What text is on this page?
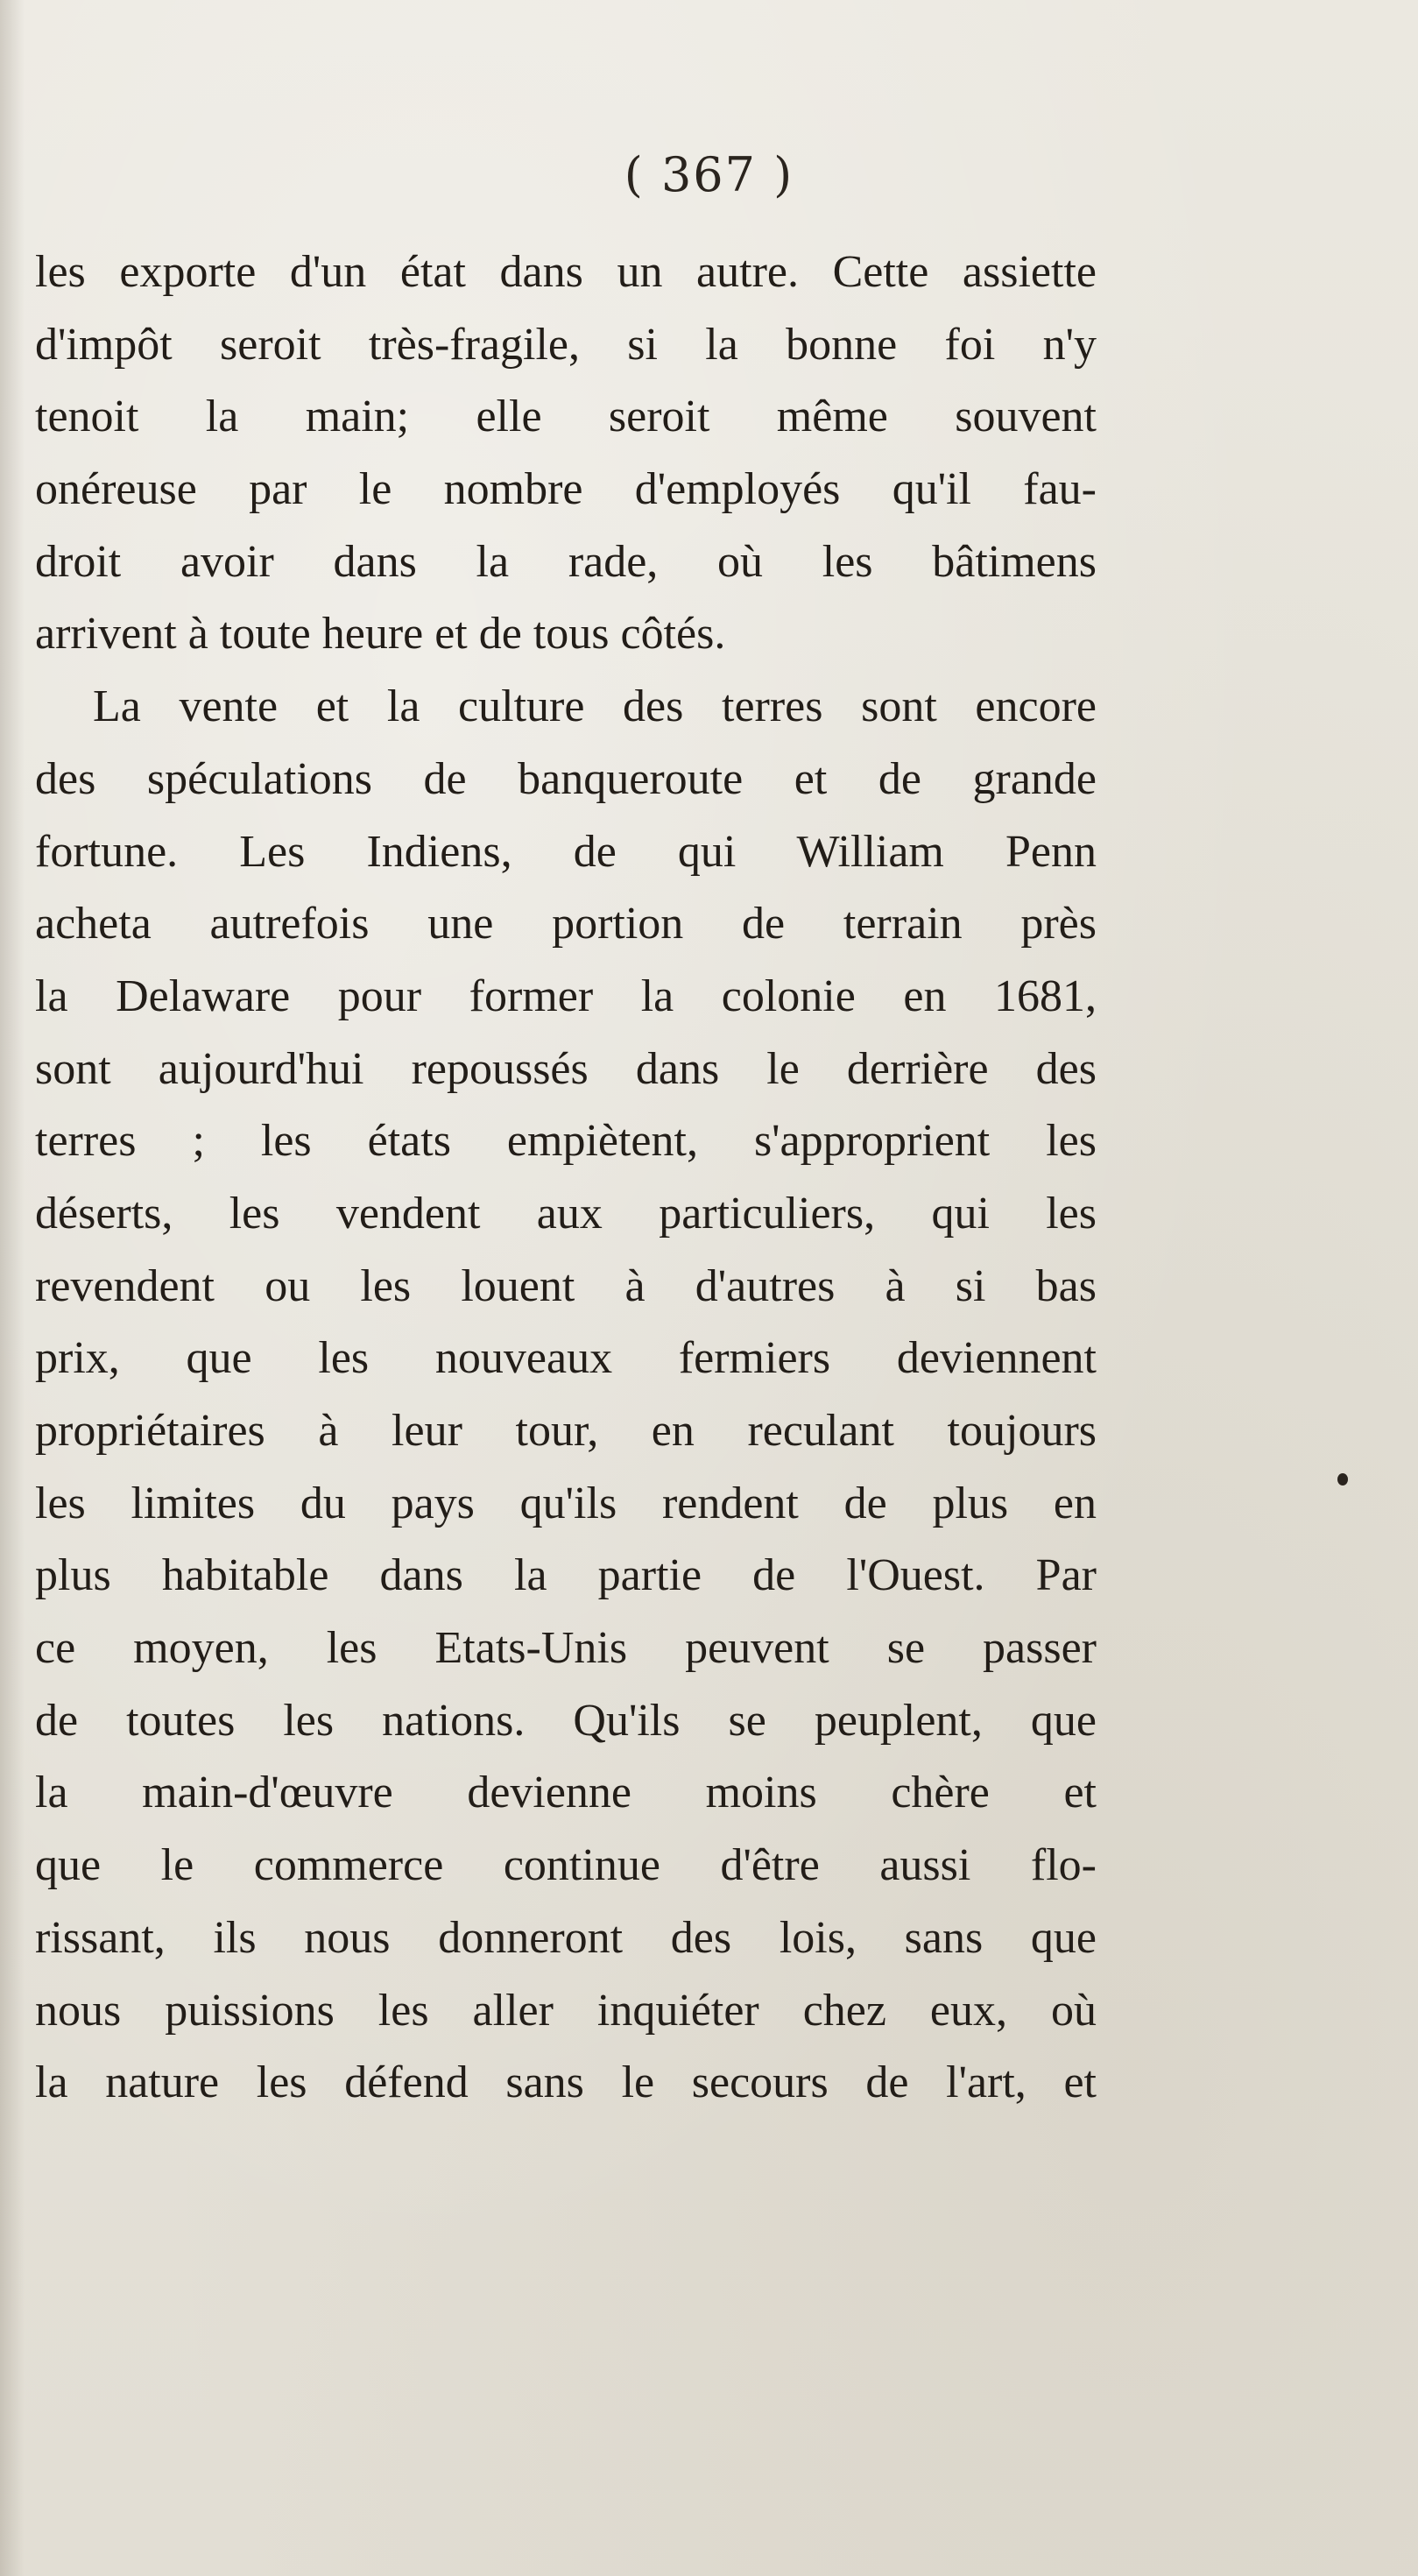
( 367 )
les exporte d'un état dans un autre. Cette assiette
d'impôt seroit très-fragile, si la bonne foi n'y
tenoit la main; elle seroit même souvent
onéreuse par le nombre d'employés qu'il fau-
droit avoir dans la rade, où les bâtimens
arrivent à toute heure et de tous côtés.
La vente et la culture des terres sont encore
des spéculations de banqueroute et de grande
fortune. Les Indiens, de qui William Penn
acheta autrefois une portion de terrain près
la Delaware pour former la colonie en 1681,
sont aujourd'hui repoussés dans le derrière des
terres ; les états empiètent, s'approprient les
déserts, les vendent aux particuliers, qui les
revendent ou les louent à d'autres à si bas
prix, que les nouveaux fermiers deviennent
propriétaires à leur tour, en reculant toujours
les limites du pays qu'ils rendent de plus en
plus habitable dans la partie de l'Ouest. Par
ce moyen, les Etats-Unis peuvent se passer
de toutes les nations. Qu'ils se peuplent, que
la main-d'œuvre devienne moins chère et
que le commerce continue d'être aussi flo-
rissant, ils nous donneront des lois, sans que
nous puissions les aller inquiéter chez eux, où
la nature les défend sans le secours de l'art, et
